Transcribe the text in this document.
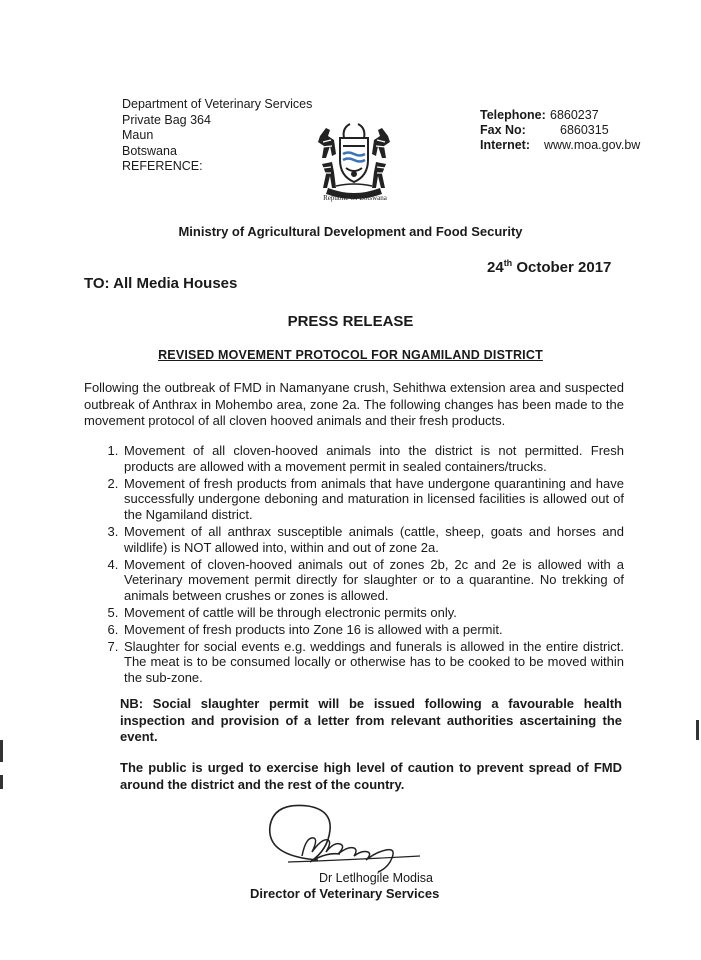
Department of Veterinary Services
Private Bag 364
Maun
Botswana
REFERENCE:
Telephone: 6860237
Fax No:	6860315
Internet: www.moa.gov.bw
Republic Of Botswana
Ministry of Agricultural Development and Food Security
24th October 2017
TO: All Media Houses
PRESS RELEASE
REVISED MOVEMENT PROTOCOL FOR NGAMILAND DISTRICT
Following the outbreak of FMD in Namanyane crush, Sehithwa extension area and suspected outbreak of Anthrax in Mohembo area, zone 2a. The following changes has been made to the movement protocol of all cloven hooved animals and their fresh products.
1. Movement of all cloven-hooved animals into the district is not permitted. Fresh products are allowed with a movement permit in sealed containers/trucks.
2. Movement of fresh products from animals that have undergone quarantining and have successfully undergone deboning and maturation in licensed facilities is allowed out of the Ngamiland district.
3. Movement of all anthrax susceptible animals (cattle, sheep, goats and horses and wildlife) is NOT allowed into, within and out of zone 2a.
4. Movement of cloven-hooved animals out of zones 2b, 2c and 2e is allowed with a Veterinary movement permit directly for slaughter or to a quarantine. No trekking of animals between crushes or zones is allowed.
5. Movement of cattle will be through electronic permits only.
6. Movement of fresh products into Zone 16 is allowed with a permit.
7. Slaughter for social events e.g. weddings and funerals is allowed in the entire district. The meat is to be consumed locally or otherwise has to be cooked to be moved within the sub-zone.
NB: Social slaughter permit will be issued following a favourable health inspection and provision of a letter from relevant authorities ascertaining the event.
The public is urged to exercise high level of caution to prevent spread of FMD around the district and the rest of the country.
Dr Letlhogile Modisa
Director of Veterinary Services
